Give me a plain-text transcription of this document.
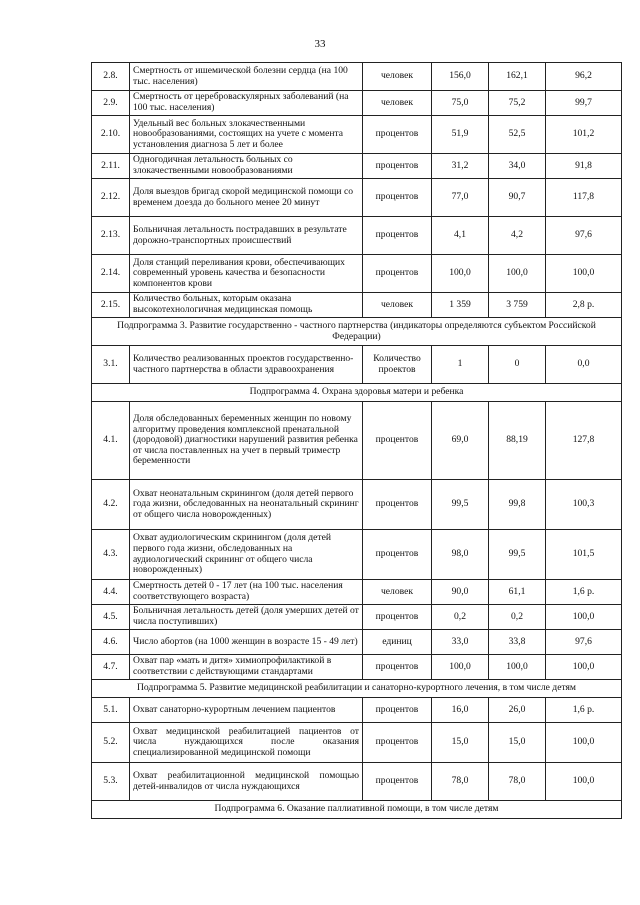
33
2.8.	Смертность от ишемической болезни сердца (на 100 тыс. населения)	человек	156,0	162,1	96,2
2.9.	Смертность от цереброваскулярных заболеваний (на 100 тыс. населения)	человек	75,0	75,2	99,7
2.10.	Удельный вес больных злокачественными новообразованиями, состоящих на учете с момента установления диагноза 5 лет и более	процентов	51,9	52,5	101,2
2.11.	Одногодичная летальность больных со злокачественными новообразованиями	процентов	31,2	34,0	91,8
2.12.	Доля выездов бригад скорой медицинской помощи со временем доезда до больного менее 20 минут	процентов	77,0	90,7	117,8
2.13.	Больничная летальность пострадавших в результате дорожно-транспортных происшествий	процентов	4,1	4,2	97,6
2.14.	Доля станций переливания крови, обеспечивающих современный уровень качества и безопасности компонентов крови	процентов	100,0	100,0	100,0
2.15.	Количество больных, которым оказана высокотехнологичная медицинская помощь	человек	1 359	3 759	2,8 р.
Подпрограмма 3. Развитие государственно - частного партнерства (индикаторы определяются субъектом Российской Федерации)					
3.1.	Количество реализованных проектов государственно-частного партнерства в области здравоохранения	Количество проектов	1	0	0,0
Подпрограмма 4. Охрана здоровья матери и ребенка					
4.1.	Доля обследованных беременных женщин по новому алгоритму проведения комплексной пренатальной (дородовой) диагностики нарушений развития ребенка от числа поставленных на учет в первый триместр беременности	процентов	69,0	88,19	127,8
4.2.	Охват неонатальным скринингом (доля детей первого года жизни, обследованных на неонатальный скрининг от общего числа новорожденных)	процентов	99,5	99,8	100,3
4.3.	Охват аудиологическим скринингом (доля детей первого года жизни, обследованных на аудиологический скрининг от общего числа новорожденных)	процентов	98,0	99,5	101,5
4.4.	Смертность детей 0 - 17 лет (на 100 тыс. населения соответствующего возраста)	человек	90,0	61,1	1,6 р.
4.5.	Больничная летальность детей (доля умерших детей от числа поступивших)	процентов	0,2	0,2	100,0
4.6.	Число абортов (на 1000 женщин в возрасте 15 - 49 лет)	единиц	33,0	33,8	97,6
4.7.	Охват пар «мать и дитя» химиопрофилактикой в соответствии с действующими стандартами	процентов	100,0	100,0	100,0
Подпрограмма 5. Развитие медицинской реабилитации и санаторно-курортного лечения, в том числе детям					
5.1.	Охват санаторно-курортным лечением пациентов	процентов	16,0	26,0	1,6 р.
5.2.	Охват медицинской реабилитацией пациентов от числа нуждающихся после оказания специализированной медицинской помощи	процентов	15,0	15,0	100,0
5.3.	Охват реабилитационной медицинской помощью детей-инвалидов от числа нуждающихся	процентов	78,0	78,0	100,0
Подпрограмма 6. Оказание паллиативной помощи, в том числе детям					
